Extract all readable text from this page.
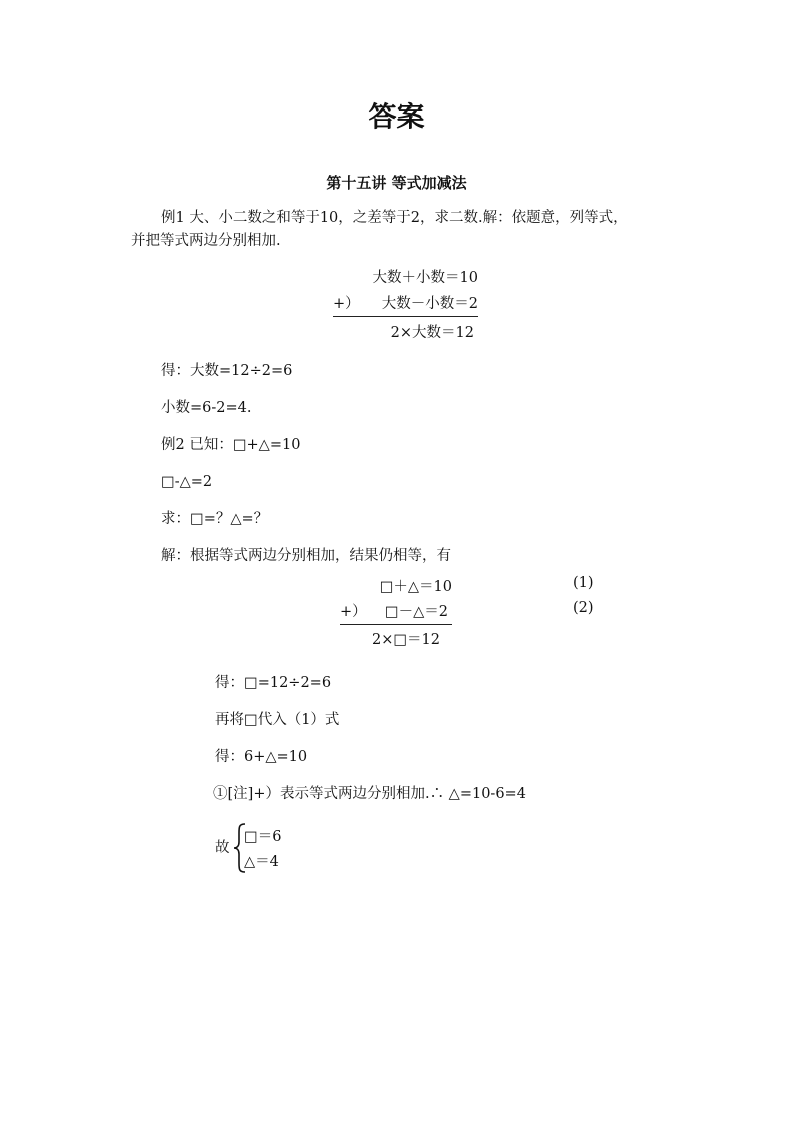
答案
第十五讲 等式加减法
例1 大、小二数之和等于10，之差等于2，求二数.解：依题意，列等式，
并把等式两边分别相加.
大数＋小数＝10
+）	大数－小数＝2
2×大数＝12
得：大数=12÷2=6
小数=6-2=4.
例2 已知：□+△=10
□-△=2
求：□=？△=？
解：根据等式两边分别相加，结果仍相等，有
□＋△＝10	(1)
+）	□－△＝2	(2)
2×□＝12
得：□=12÷2=6
再将□代入（1）式
得：6+△=10
①[注]+）表示等式两边分别相加.∴ △=10-6=4
故
□＝6
△＝4
